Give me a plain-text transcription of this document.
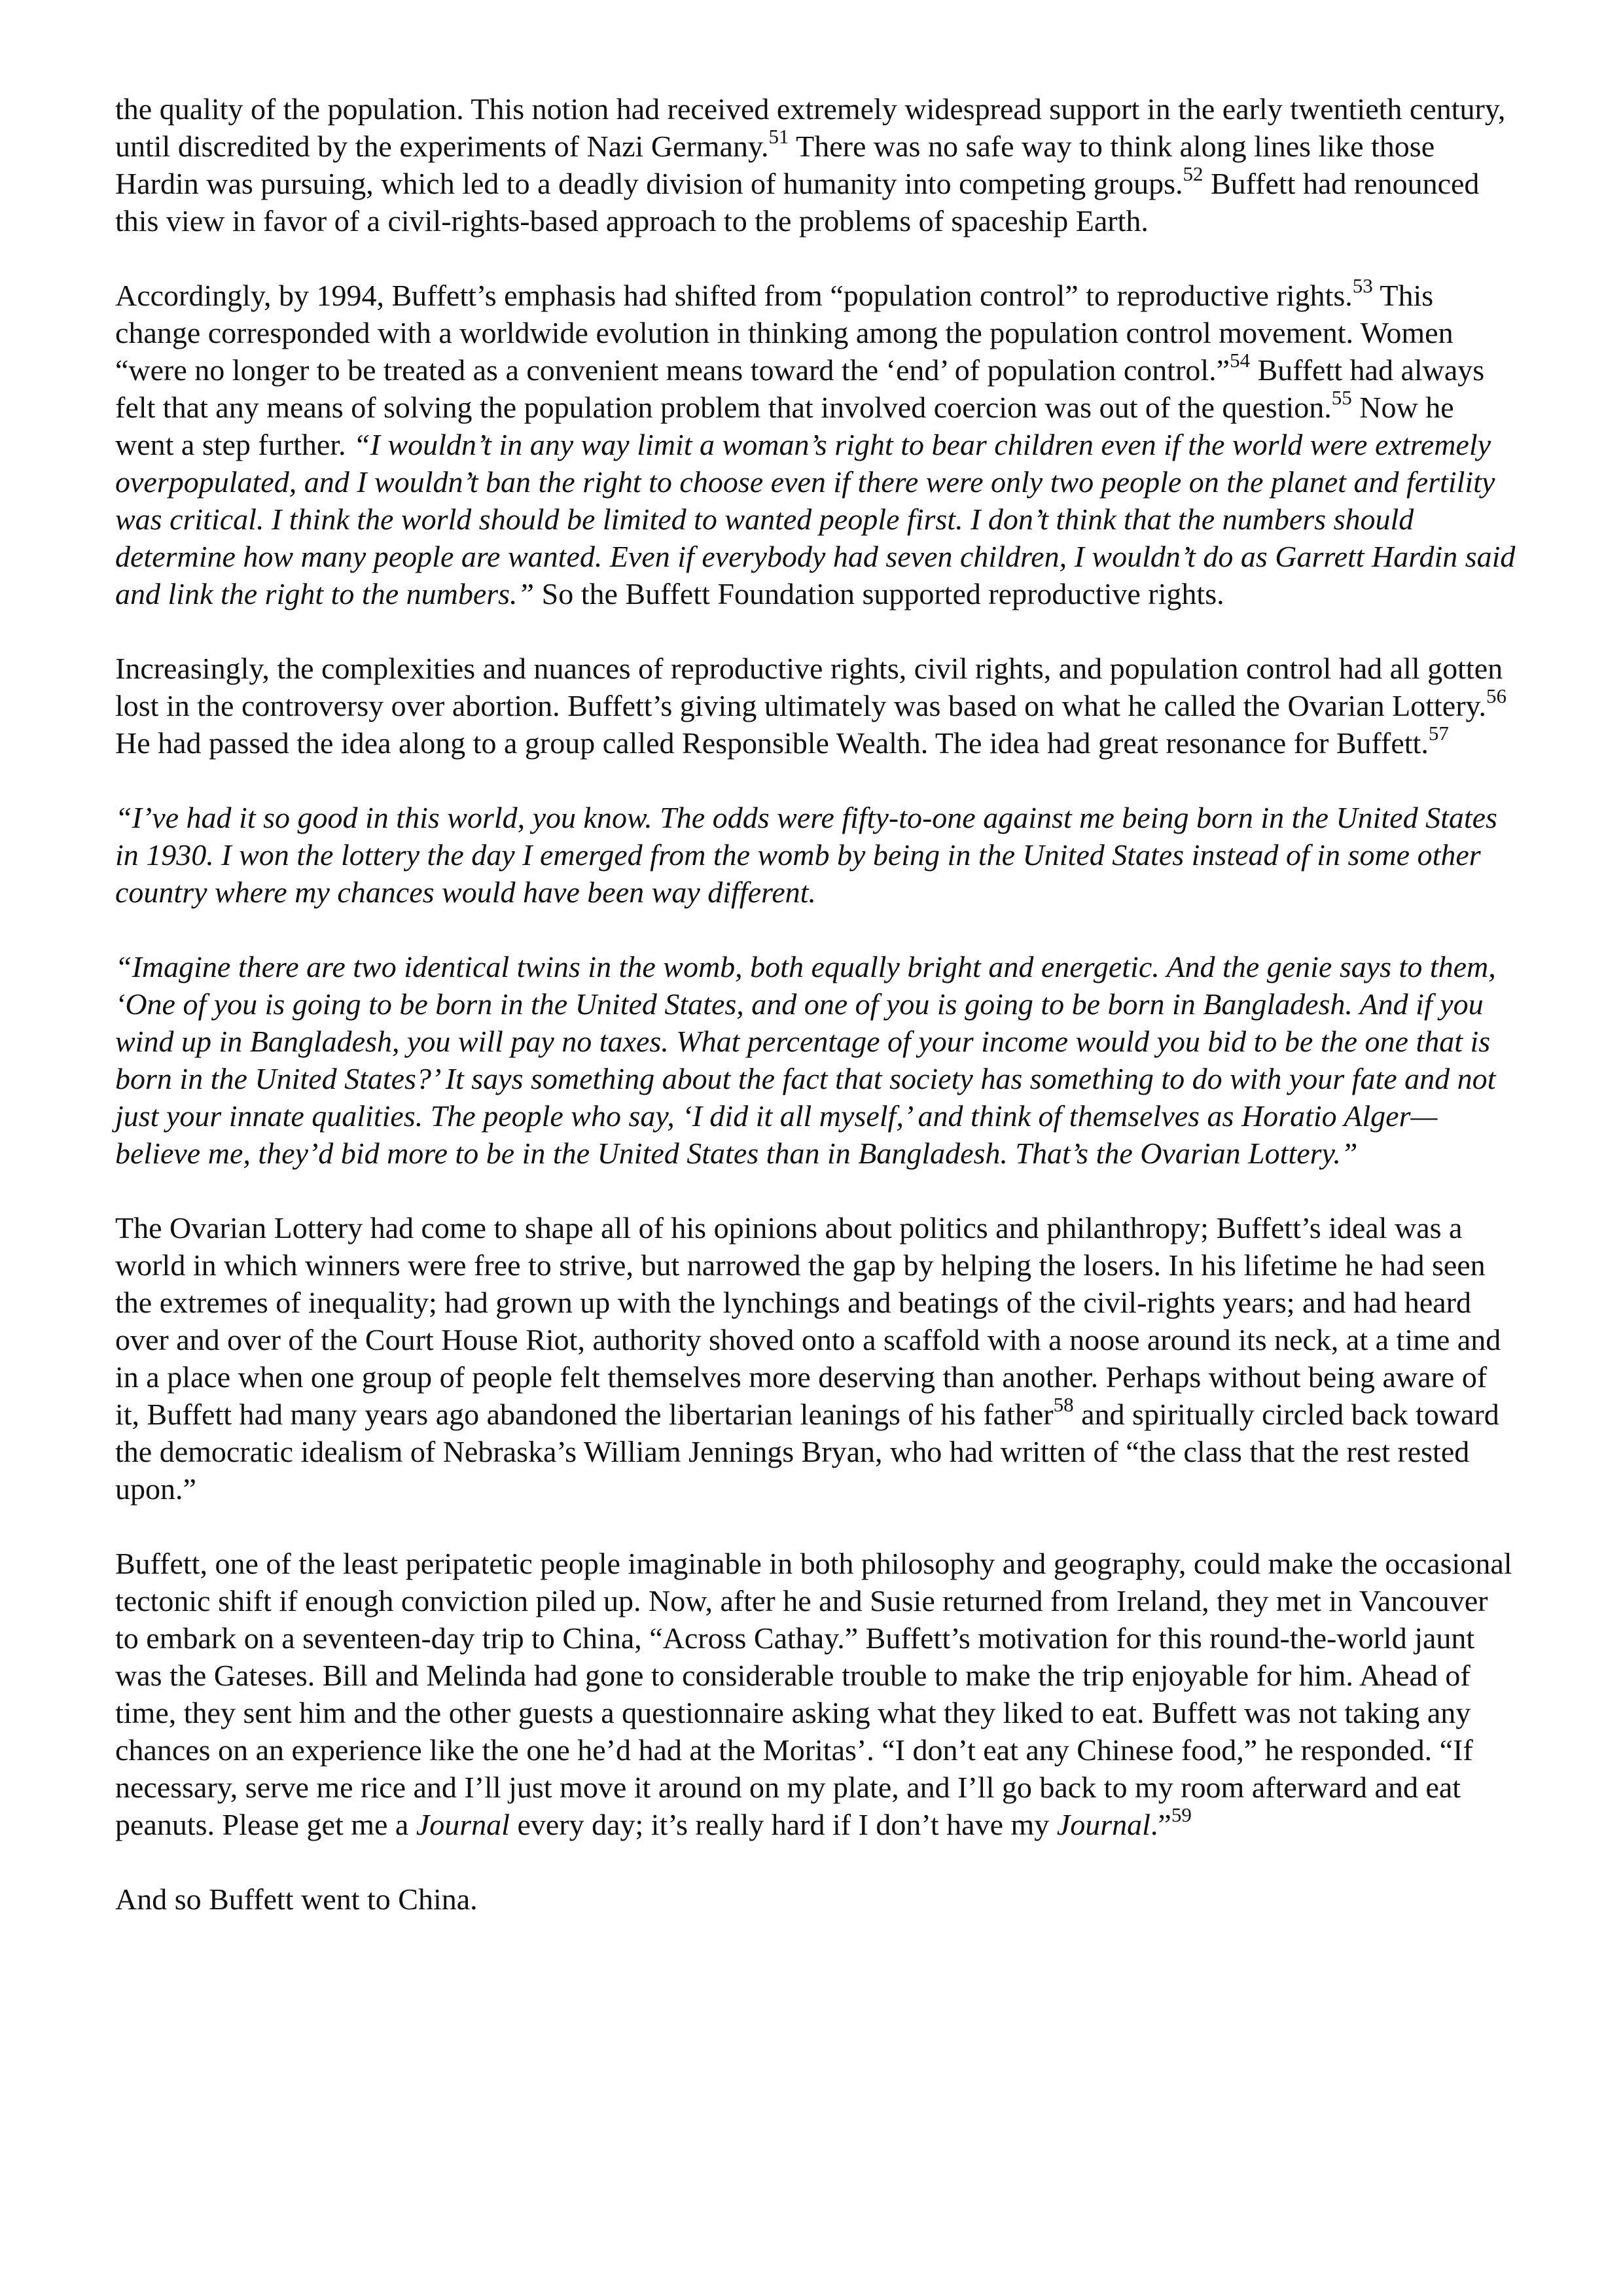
the quality of the population. This notion had received extremely widespread support in the early twentieth century, until discredited by the experiments of Nazi Germany.$^{51}$ There was no safe way to think along lines like those Hardin was pursuing, which led to a deadly division of humanity into competing groups.$^{52}$ Buffett had renounced this view in favor of a civil-rights-based approach to the problems of spaceship Earth.

Accordingly, by 1994, Buffett’s emphasis had shifted from “population control” to reproductive rights.$^{53}$ This change corresponded with a worldwide evolution in thinking among the population control movement. Women “were no longer to be treated as a convenient means toward the ‘end’ of population control.”$^{54}$ Buffett had always felt that any means of solving the population problem that involved coercion was out of the question.$^{55}$ Now he went a step further. “I wouldn’t in any way limit a woman’s right to bear children even if the world were extremely overpopulated, and I wouldn’t ban the right to choose even if there were only two people on the planet and fertility was critical. I think the world should be limited to wanted people first. I don’t think that the numbers should determine how many people are wanted. Even if everybody had seven children, I wouldn’t do as Garrett Hardin said and link the right to the numbers.” So the Buffett Foundation supported reproductive rights.

Increasingly, the complexities and nuances of reproductive rights, civil rights, and population control had all gotten lost in the controversy over abortion. Buffett’s giving ultimately was based on what he called the Ovarian Lottery.$^{56}$ He had passed the idea along to a group called Responsible Wealth. The idea had great resonance for Buffett.$^{57}$

“I’ve had it so good in this world, you know. The odds were fifty-to-one against me being born in the United States in 1930. I won the lottery the day I emerged from the womb by being in the United States instead of in some other country where my chances would have been way different.

“Imagine there are two identical twins in the womb, both equally bright and energetic. And the genie says to them, ‘One of you is going to be born in the United States, and one of you is going to be born in Bangladesh. And if you wind up in Bangladesh, you will pay no taxes. What percentage of your income would you bid to be the one that is born in the United States?’ It says something about the fact that society has something to do with your fate and not just your innate qualities. The people who say, ‘I did it all myself,’ and think of themselves as Horatio Alger—believe me, they’d bid more to be in the United States than in Bangladesh. That’s the Ovarian Lottery.”

The Ovarian Lottery had come to shape all of his opinions about politics and philanthropy; Buffett’s ideal was a world in which winners were free to strive, but narrowed the gap by helping the losers. In his lifetime he had seen the extremes of inequality; had grown up with the lynchings and beatings of the civil-rights years; and had heard over and over of the Court House Riot, authority shoved onto a scaffold with a noose around its neck, at a time and in a place when one group of people felt themselves more deserving than another. Perhaps without being aware of it, Buffett had many years ago abandoned the libertarian leanings of his father$^{58}$ and spiritually circled back toward the democratic idealism of Nebraska’s William Jennings Bryan, who had written of “the class that the rest rested upon.”

Buffett, one of the least peripatetic people imaginable in both philosophy and geography, could make the occasional tectonic shift if enough conviction piled up. Now, after he and Susie returned from Ireland, they met in Vancouver to embark on a seventeen-day trip to China, “Across Cathay.” Buffett’s motivation for this round-the-world jaunt was the Gateses. Bill and Melinda had gone to considerable trouble to make the trip enjoyable for him. Ahead of time, they sent him and the other guests a questionnaire asking what they liked to eat. Buffett was not taking any chances on an experience like the one he’d had at the Moritas’. “I don’t eat any Chinese food,” he responded. “If necessary, serve me rice and I’ll just move it around on my plate, and I’ll go back to my room afterward and eat peanuts. Please get me a Journal every day; it’s really hard if I don’t have my Journal.”$^{59}$

And so Buffett went to China.
